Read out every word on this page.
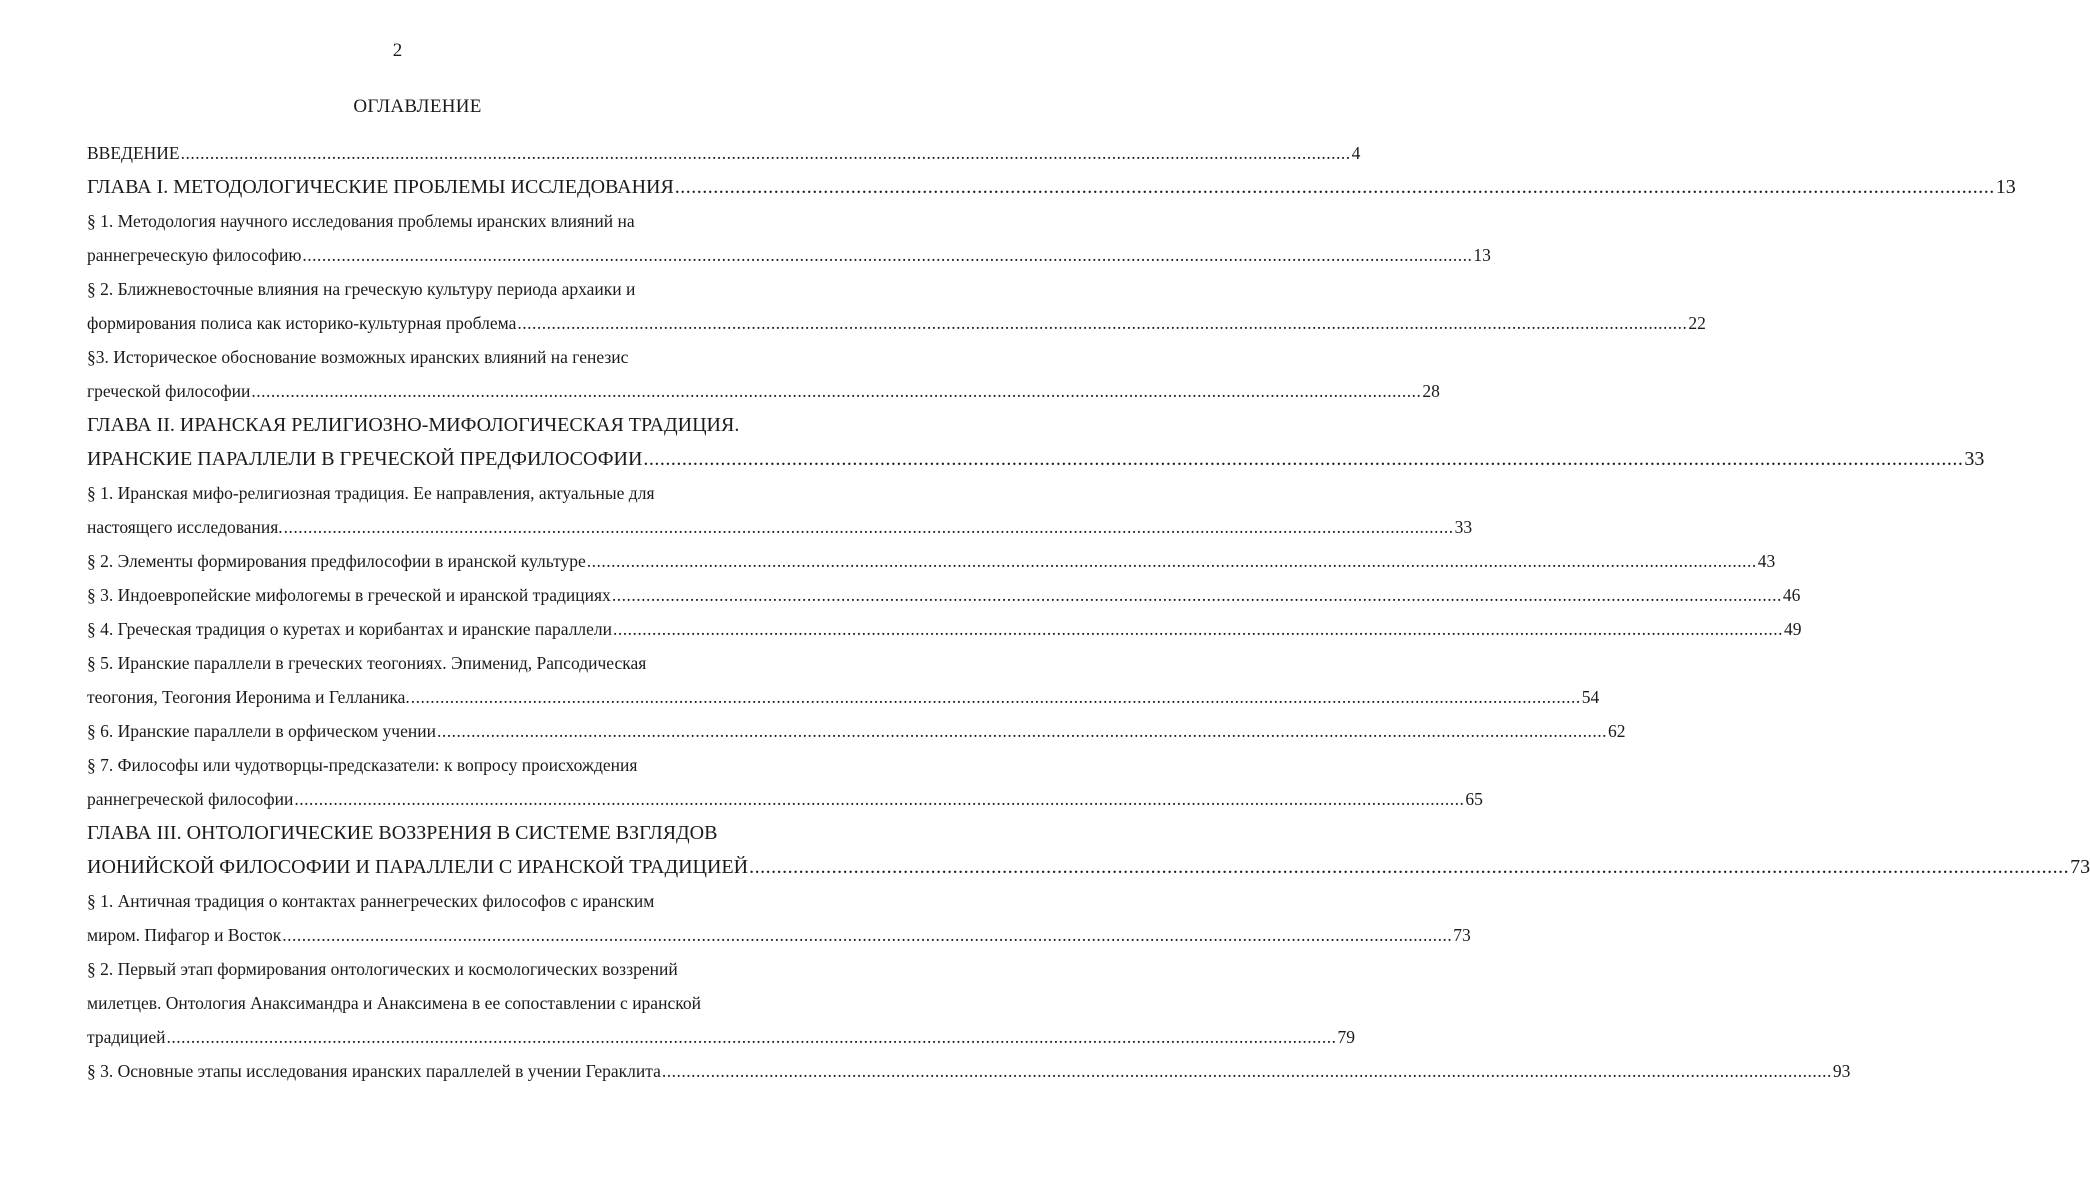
2
ОГЛАВЛЕНИЕ
ВВЕДЕНИЕ .....	4
ГЛАВА I. МЕТОДОЛОГИЧЕСКИЕ ПРОБЛЕМЫ ИССЛЕДОВАНИЯ .....	13
§ 1. Методология научного исследования проблемы иранских влияний на
раннегреческую философию .....	13
§ 2. Ближневосточные влияния на греческую культуру периода архаики и
формирования полиса как историко-культурная проблема .....	22
§3. Историческое обоснование возможных иранских влияний на генезис
греческой философии .....	28
ГЛАВА II. ИРАНСКАЯ РЕЛИГИОЗНО-МИФОЛОГИЧЕСКАЯ ТРАДИЦИЯ.
ИРАНСКИЕ ПАРАЛЛЕЛИ В ГРЕЧЕСКОЙ ПРЕДФИЛОСОФИИ .....	33
§ 1. Иранская мифо-религиозная традиция. Ее направления, актуальные для
настоящего исследования. .....	33
§ 2. Элементы формирования предфилософии в иранской культуре .....	43
§ 3. Индоевропейские мифологемы в греческой и иранской традициях .....	46
§ 4. Греческая традиция о куретах и корибантах и иранские параллели .....	49
§ 5. Иранские параллели в греческих теогониях. Эпименид, Рапсодическая
теогония, Теогония Иеронима и Гелланика. .....	54
§ 6. Иранские параллели в орфическом учении .....	62
§ 7. Философы или чудотворцы-предсказатели: к вопросу происхождения
раннегреческой философии .....	65
ГЛАВА III. ОНТОЛОГИЧЕСКИЕ ВОЗЗРЕНИЯ В СИСТЕМЕ ВЗГЛЯДОВ
ИОНИЙСКОЙ ФИЛОСОФИИ И ПАРАЛЛЕЛИ С ИРАНСКОЙ ТРАДИЦИЕЙ .....	73
§ 1. Античная традиция о контактах раннегреческих философов с иранским
миром. Пифагор и Восток .....	73
§ 2. Первый этап формирования онтологических и космологических воззрений
милетцев. Онтология Анаксимандра и Анаксимена в ее сопоставлении с иранской
традицией .....	79
§ 3. Основные этапы исследования иранских параллелей в учении Гераклита .....	93
